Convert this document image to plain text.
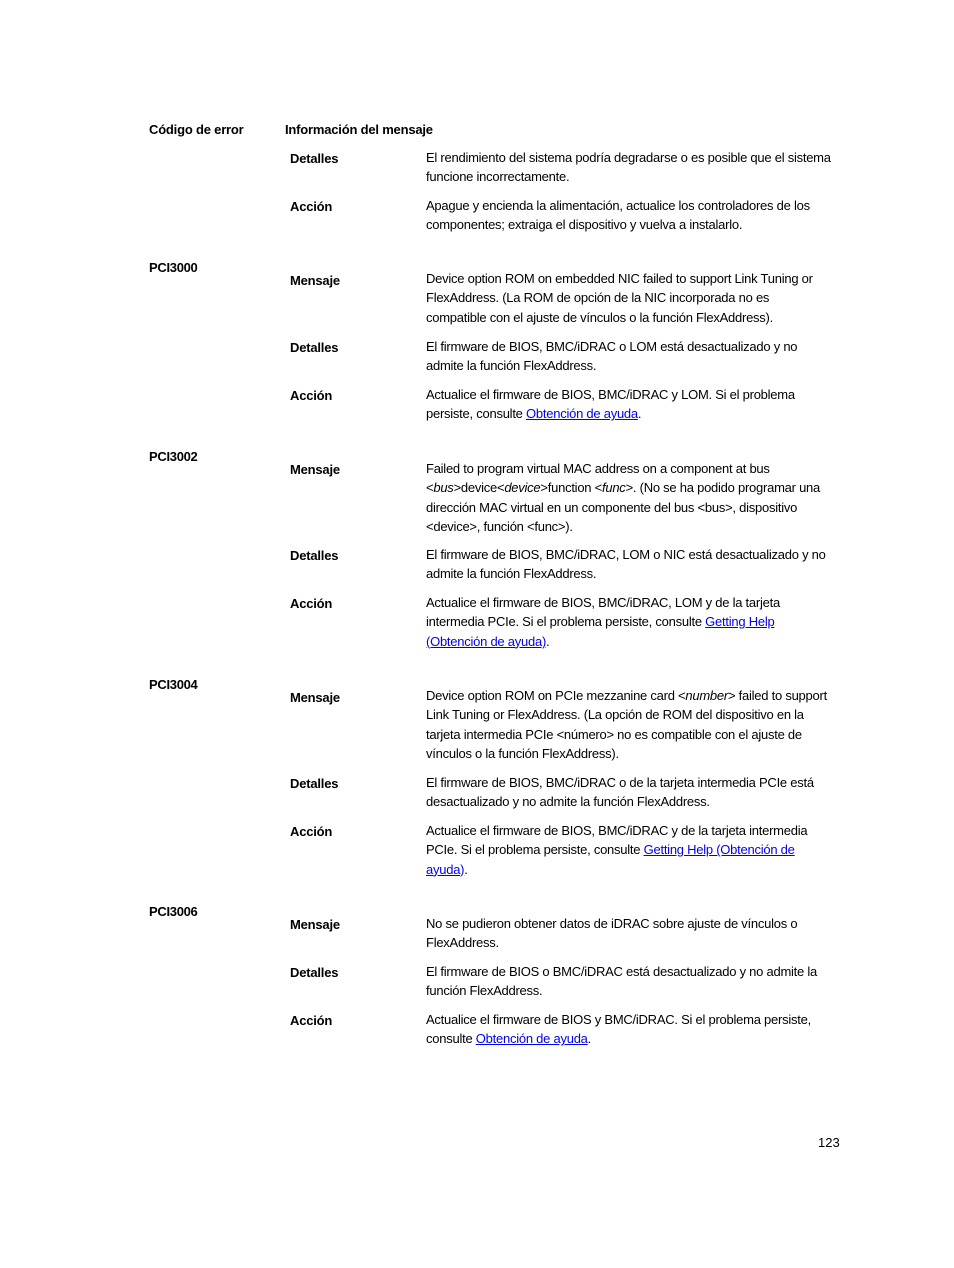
Código de error	Información del mensaje
Detalles	El rendimiento del sistema podría degradarse o es posible que el sistema funcione incorrectamente.
Acción	Apague y encienda la alimentación, actualice los controladores de los componentes; extraiga el dispositivo y vuelva a instalarlo.
PCI3000
Mensaje	Device option ROM on embedded NIC failed to support Link Tuning or FlexAddress. (La ROM de opción de la NIC incorporada no es compatible con el ajuste de vínculos o la función FlexAddress).
Detalles	El firmware de BIOS, BMC/iDRAC o LOM está desactualizado y no admite la función FlexAddress.
Acción	Actualice el firmware de BIOS, BMC/iDRAC y LOM. Si el problema persiste, consulte Obtención de ayuda.
PCI3002
Mensaje	Failed to program virtual MAC address on a component at bus <bus>device<device>function <func>. (No se ha podido programar una dirección MAC virtual en un componente del bus <bus>, dispositivo <device>, función <func>).
Detalles	El firmware de BIOS, BMC/iDRAC, LOM o NIC está desactualizado y no admite la función FlexAddress.
Acción	Actualice el firmware de BIOS, BMC/iDRAC, LOM y de la tarjeta intermedia PCIe. Si el problema persiste, consulte Getting Help (Obtención de ayuda).
PCI3004
Mensaje	Device option ROM on PCIe mezzanine card <number> failed to support Link Tuning or FlexAddress. (La opción de ROM del dispositivo en la tarjeta intermedia PCIe <número> no es compatible con el ajuste de vínculos o la función FlexAddress).
Detalles	El firmware de BIOS, BMC/iDRAC o de la tarjeta intermedia PCIe está desactualizado y no admite la función FlexAddress.
Acción	Actualice el firmware de BIOS, BMC/iDRAC y de la tarjeta intermedia PCIe. Si el problema persiste, consulte Getting Help (Obtención de ayuda).
PCI3006
Mensaje	No se pudieron obtener datos de iDRAC sobre ajuste de vínculos o FlexAddress.
Detalles	El firmware de BIOS o BMC/iDRAC está desactualizado y no admite la función FlexAddress.
Acción	Actualice el firmware de BIOS y BMC/iDRAC. Si el problema persiste, consulte Obtención de ayuda.
123
